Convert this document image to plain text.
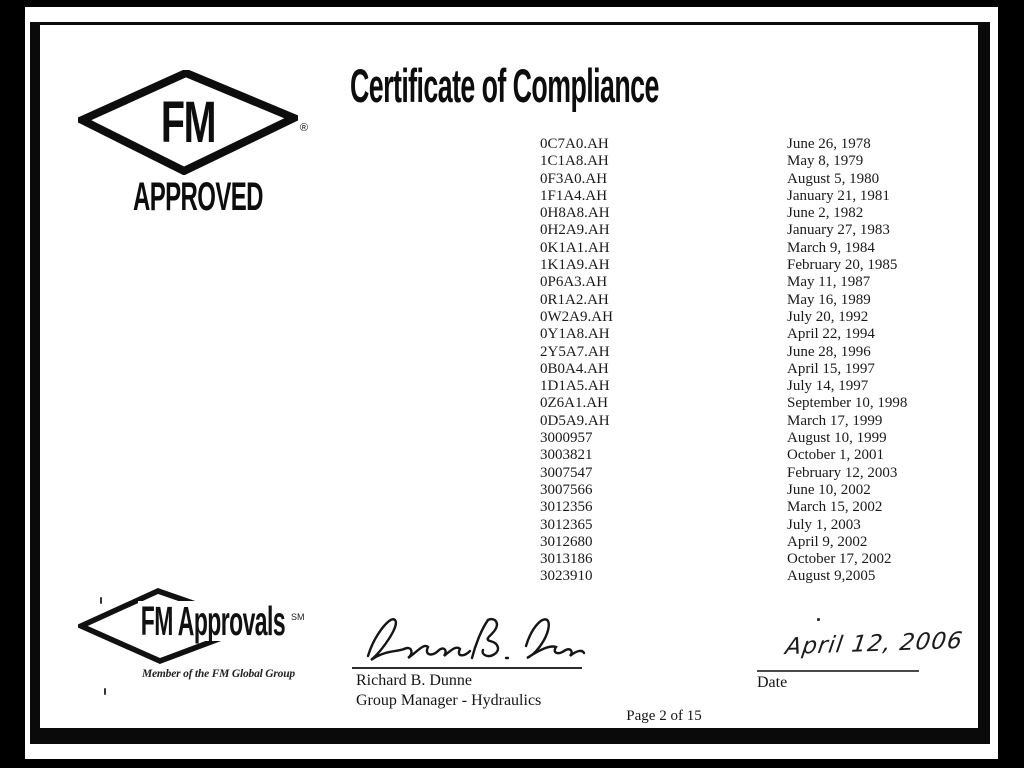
FM	®
APPROVED
Certificate of Compliance
0C7A0.AH	June 26, 1978
1C1A8.AH	May 8, 1979
0F3A0.AH	August 5, 1980
1F1A4.AH	January 21, 1981
0H8A8.AH	June 2, 1982
0H2A9.AH	January 27, 1983
0K1A1.AH	March 9, 1984
1K1A9.AH	February 20, 1985
0P6A3.AH	May 11, 1987
0R1A2.AH	May 16, 1989
0W2A9.AH	July 20, 1992
0Y1A8.AH	April 22, 1994
2Y5A7.AH	June 28, 1996
0B0A4.AH	April 15, 1997
1D1A5.AH	July 14, 1997
0Z6A1.AH	September 10, 1998
0D5A9.AH	March 17, 1999
3000957	August 10, 1999
3003821	October 1, 2001
3007547	February 12, 2003
3007566	June 10, 2002
3012356	March 15, 2002
3012365	July 1, 2003
3012680	April 9, 2002
3013186	October 17, 2002
3023910	August 9,2005
FM Approvals SM
Member of the FM Global Group	Richard B. Dunne
Group Manager - Hydraulics
April 12, 2006
Date
Page 2 of 15
